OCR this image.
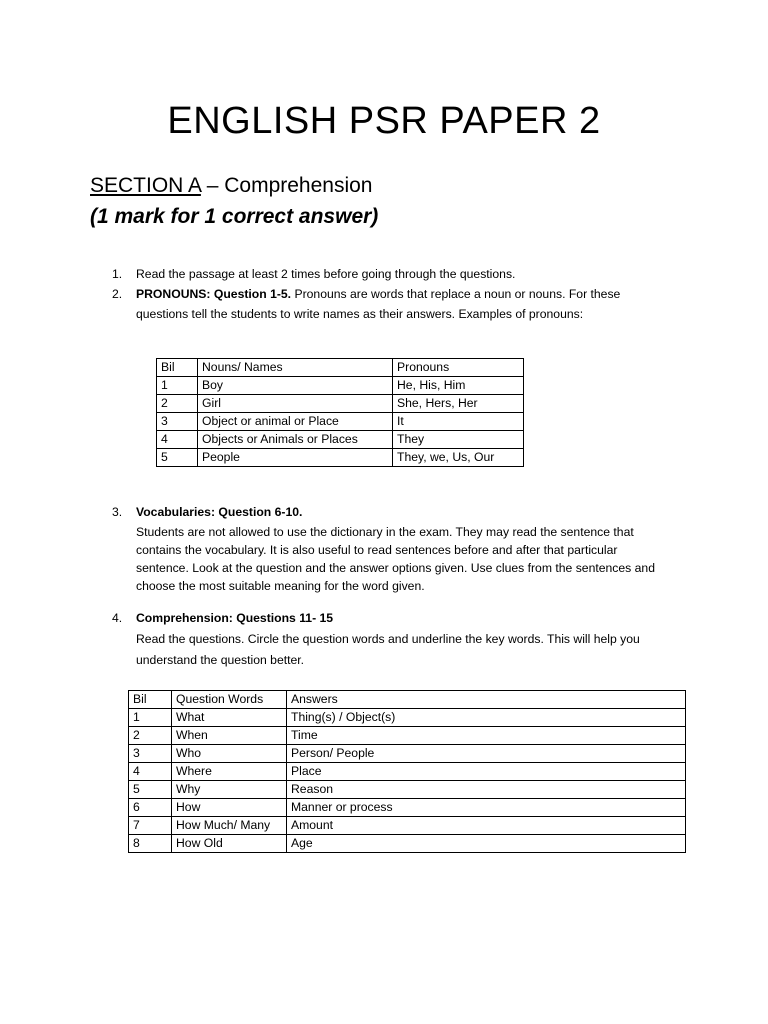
ENGLISH PSR PAPER 2

SECTION A – Comprehension

(1 mark for 1 correct answer)

1.	Read the passage at least 2 times before going through the questions.
2.	PRONOUNS: Question 1-5. Pronouns are words that replace a noun or nouns. For these
questions tell the students to write names as their answers. Examples of pronouns:
Bil	Nouns/ Names	Pronouns
1	Boy	He, His, Him
2	Girl	She, Hers, Her
3	Object or animal or Place	It
4	Objects or Animals or Places	They
5	People	They, we, Us, Our
3.	Vocabularies: Question 6-10.
Students are not allowed to use the dictionary in the exam. They may read the sentence that
contains the vocabulary. It is also useful to read sentences before and after that particular
sentence. Look at the question and the answer options given. Use clues from the sentences and
choose the most suitable meaning for the word given.
4.	Comprehension: Questions 11- 15
Read the questions. Circle the question words and underline the key words. This will help you
understand the question better.
Bil	Question Words	Answers
1	What	Thing(s) / Object(s)
2	When	Time
3	Who	Person/ People
4	Where	Place
5	Why	Reason
6	How	Manner or process
7	How Much/ Many	Amount
8	How Old	Age
